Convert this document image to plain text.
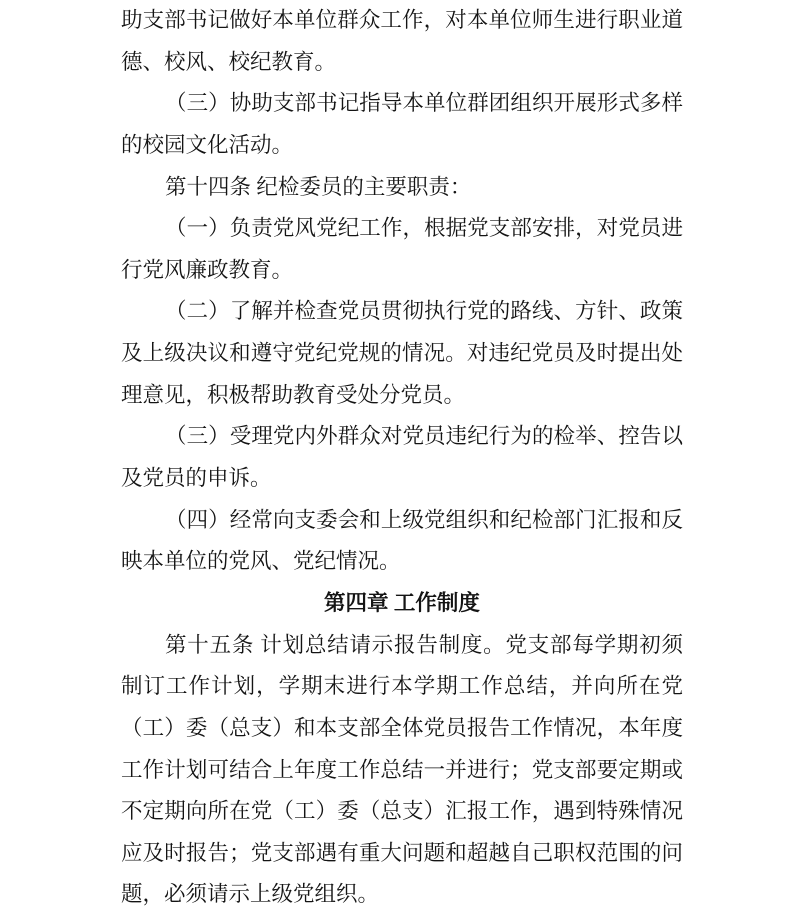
助支部书记做好本单位群众工作，对本单位师生进行职业道
德、校风、校纪教育。
（三）协助支部书记指导本单位群团组织开展形式多样
的校园文化活动。
第十四条 纪检委员的主要职责：
（一）负责党风党纪工作，根据党支部安排，对党员进
行党风廉政教育。
（二）了解并检查党员贯彻执行党的路线、方针、政策
及上级决议和遵守党纪党规的情况。对违纪党员及时提出处
理意见，积极帮助教育受处分党员。
（三）受理党内外群众对党员违纪行为的检举、控告以
及党员的申诉。
（四）经常向支委会和上级党组织和纪检部门汇报和反
映本单位的党风、党纪情况。
第四章 工作制度
第十五条 计划总结请示报告制度。党支部每学期初须
制订工作计划，学期末进行本学期工作总结，并向所在党
（工）委（总支）和本支部全体党员报告工作情况，本年度
工作计划可结合上年度工作总结一并进行；党支部要定期或
不定期向所在党（工）委（总支）汇报工作，遇到特殊情况
应及时报告；党支部遇有重大问题和超越自己职权范围的问
题，必须请示上级党组织。
